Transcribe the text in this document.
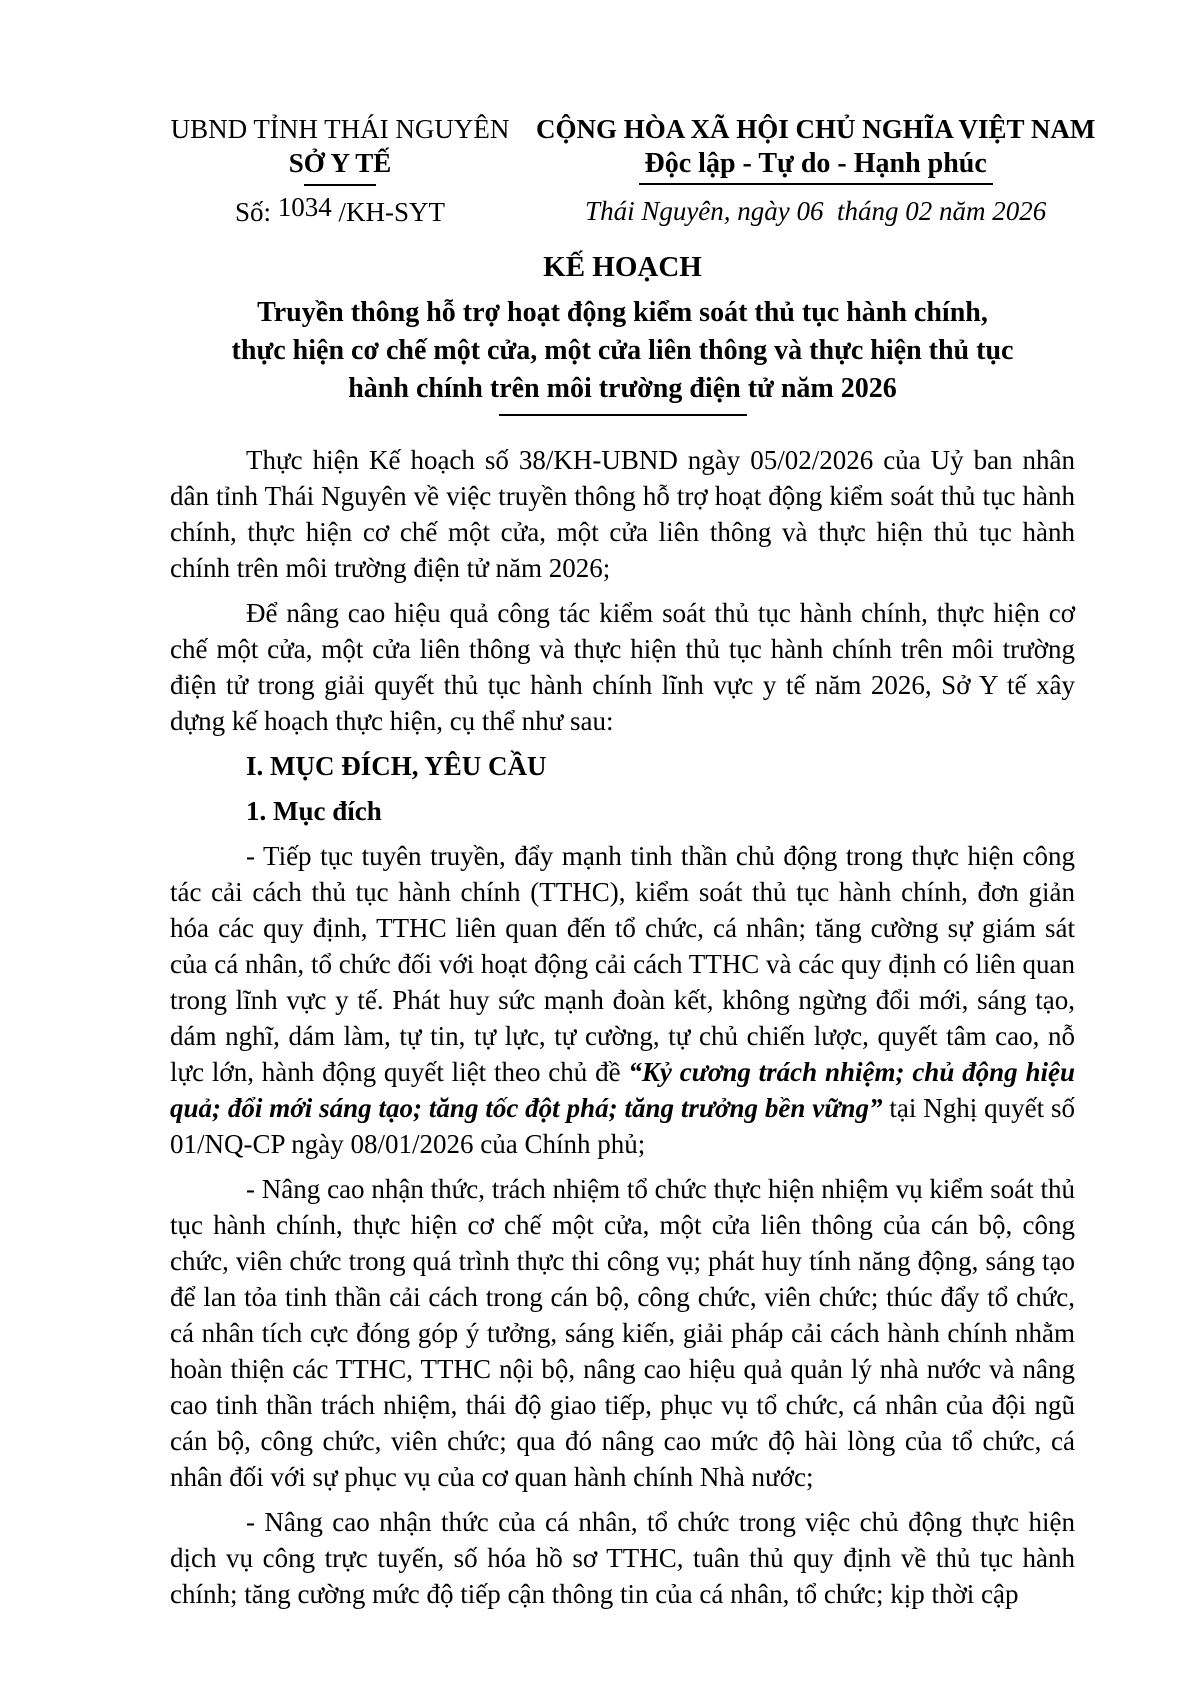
UBND TỈNH THÁI NGUYÊN
SỞ Y TẾ
Số: 1034 /KH-SYT
CỘNG HÒA XÃ HỘI CHỦ NGHĨA VIỆT NAM
Độc lập - Tự do - Hạnh phúc
Thái Nguyên, ngày 06  tháng 02 năm 2026
KẾ HOẠCH
Truyền thông hỗ trợ hoạt động kiểm soát thủ tục hành chính,
thực hiện cơ chế một cửa, một cửa liên thông và thực hiện thủ tục
hành chính trên môi trường điện tử năm 2026

Thực hiện Kế hoạch số 38/KH-UBND ngày 05/02/2026 của Uỷ ban nhân dân tỉnh Thái Nguyên về việc truyền thông hỗ trợ hoạt động kiểm soát thủ tục hành chính, thực hiện cơ chế một cửa, một cửa liên thông và thực hiện thủ tục hành chính trên môi trường điện tử năm 2026;

Để nâng cao hiệu quả công tác kiểm soát thủ tục hành chính, thực hiện cơ chế một cửa, một cửa liên thông và thực hiện thủ tục hành chính trên môi trường điện tử trong giải quyết thủ tục hành chính lĩnh vực y tế năm 2026, Sở Y tế xây dựng kế hoạch thực hiện, cụ thể như sau:

I. MỤC ĐÍCH, YÊU CẦU

1. Mục đích

- Tiếp tục tuyên truyền, đẩy mạnh tinh thần chủ động trong thực hiện công tác cải cách thủ tục hành chính (TTHC), kiểm soát thủ tục hành chính, đơn giản hóa các quy định, TTHC liên quan đến tổ chức, cá nhân; tăng cường sự giám sát của cá nhân, tổ chức đối với hoạt động cải cách TTHC và các quy định có liên quan trong lĩnh vực y tế. Phát huy sức mạnh đoàn kết, không ngừng đổi mới, sáng tạo, dám nghĩ, dám làm, tự tin, tự lực, tự cường, tự chủ chiến lược, quyết tâm cao, nỗ lực lớn, hành động quyết liệt theo chủ đề “Kỷ cương trách nhiệm; chủ động hiệu quả; đổi mới sáng tạo; tăng tốc đột phá; tăng trưởng bền vững” tại Nghị quyết số 01/NQ-CP ngày 08/01/2026 của Chính phủ;

- Nâng cao nhận thức, trách nhiệm tổ chức thực hiện nhiệm vụ kiểm soát thủ tục hành chính, thực hiện cơ chế một cửa, một cửa liên thông của cán bộ, công chức, viên chức trong quá trình thực thi công vụ; phát huy tính năng động, sáng tạo để lan tỏa tinh thần cải cách trong cán bộ, công chức, viên chức; thúc đẩy tổ chức, cá nhân tích cực đóng góp ý tưởng, sáng kiến, giải pháp cải cách hành chính nhằm hoàn thiện các TTHC, TTHC nội bộ, nâng cao hiệu quả quản lý nhà nước và nâng cao tinh thần trách nhiệm, thái độ giao tiếp, phục vụ tổ chức, cá nhân của đội ngũ cán bộ, công chức, viên chức; qua đó nâng cao mức độ hài lòng của tổ chức, cá nhân đối với sự phục vụ của cơ quan hành chính Nhà nước;

- Nâng cao nhận thức của cá nhân, tổ chức trong việc chủ động thực hiện dịch vụ công trực tuyến, số hóa hồ sơ TTHC, tuân thủ quy định về thủ tục hành chính; tăng cường mức độ tiếp cận thông tin của cá nhân, tổ chức; kịp thời cập
